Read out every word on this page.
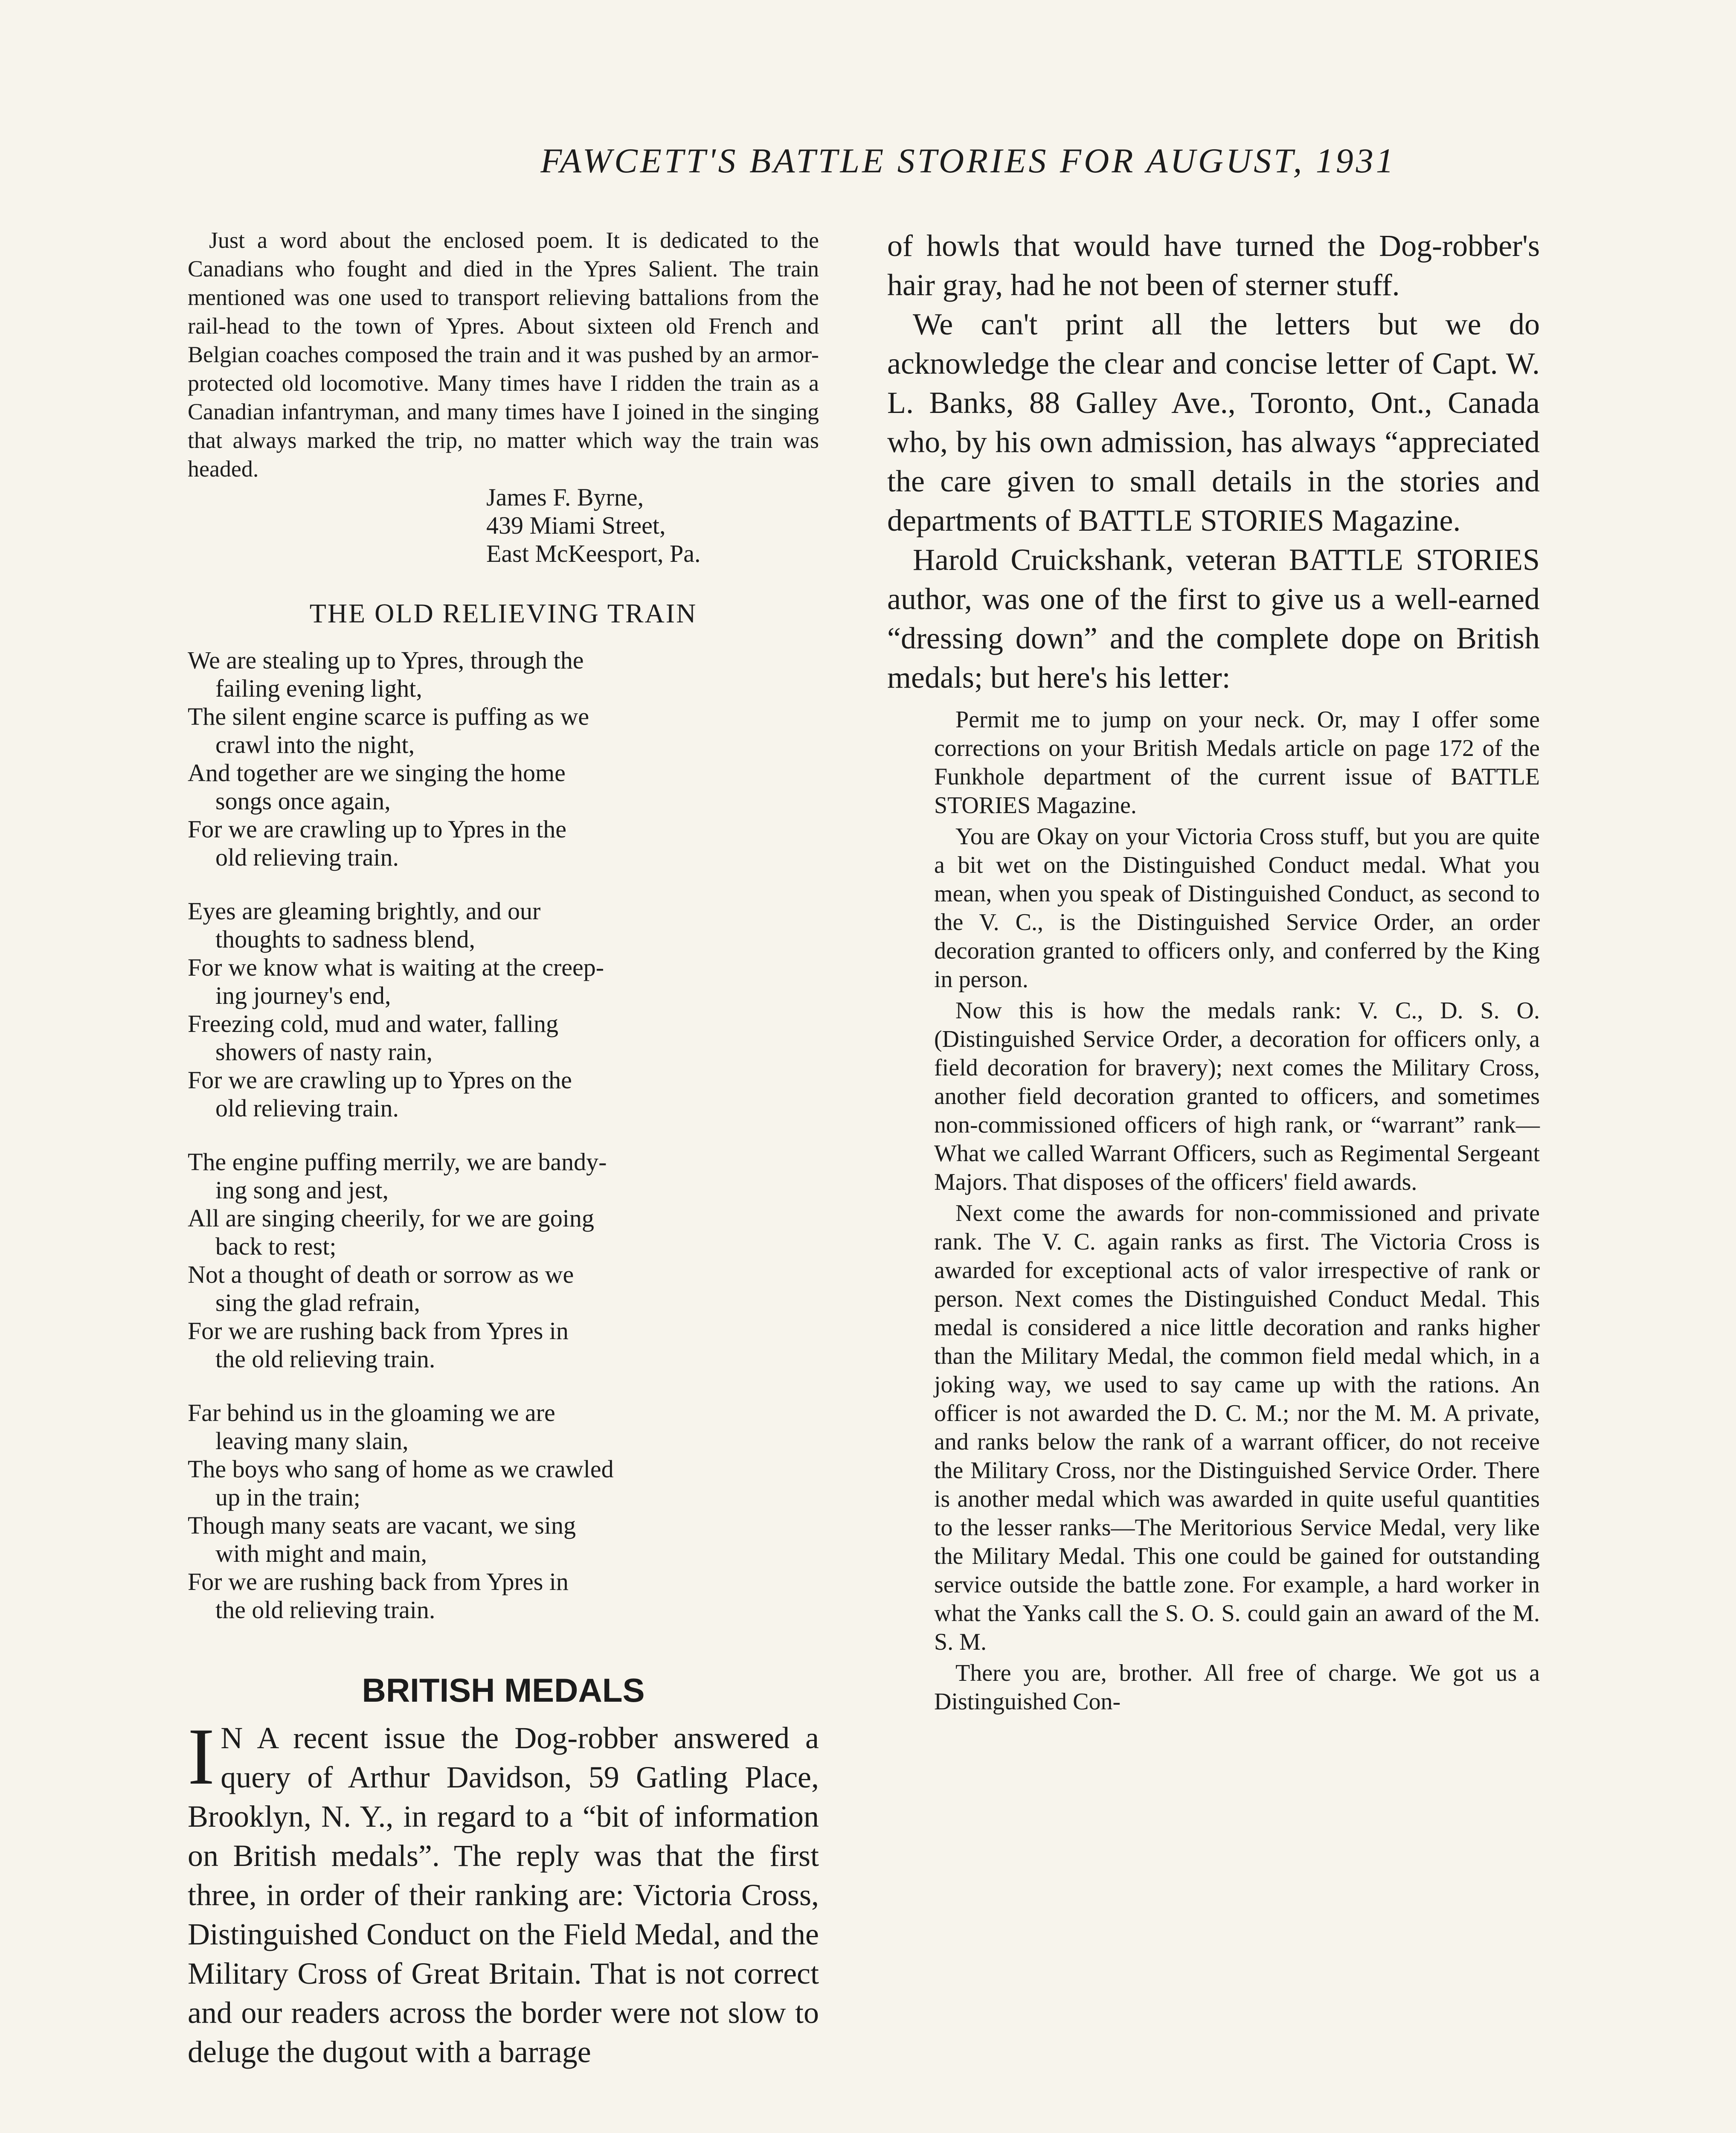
FAWCETT'S BATTLE STORIES FOR AUGUST, 1931

Just a word about the enclosed poem. It is dedicated to the Canadians who fought and died in the Ypres Salient. The train mentioned was one used to transport relieving battalions from the rail-head to the town of Ypres. About sixteen old French and Belgian coaches composed the train and it was pushed by an armor-protected old locomotive. Many times have I ridden the train as a Canadian infantryman, and many times have I joined in the singing that always marked the trip, no matter which way the train was headed.

James F. Byrne,
439 Miami Street,
East McKeesport, Pa.
THE OLD RELIEVING TRAIN
We are stealing up to Ypres, through the
failing evening light,
The silent engine scarce is puffing as we
crawl into the night,
And together are we singing the home
songs once again,
For we are crawling up to Ypres in the
old relieving train.
Eyes are gleaming brightly, and our
thoughts to sadness blend,
For we know what is waiting at the creep-
ing journey's end,
Freezing cold, mud and water, falling
showers of nasty rain,
For we are crawling up to Ypres on the
old relieving train.
The engine puffing merrily, we are bandy-
ing song and jest,
All are singing cheerily, for we are going
back to rest;
Not a thought of death or sorrow as we
sing the glad refrain,
For we are rushing back from Ypres in
the old relieving train.
Far behind us in the gloaming we are
leaving many slain,
The boys who sang of home as we crawled
up in the train;
Though many seats are vacant, we sing
with might and main,
For we are rushing back from Ypres in
the old relieving train.
BRITISH MEDALS
I N A recent issue the Dog-robber answered a query of Arthur Davidson, 59 Gatling Place, Brooklyn, N. Y., in regard to a “bit of information on British medals”. The reply was that the first three, in order of their ranking are: Victoria Cross, Distinguished Conduct on the Field Medal, and the Military Cross of Great Britain. That is not correct and our readers across the border were not slow to deluge the dugout with a barrage

of howls that would have turned the Dog-robber's hair gray, had he not been of sterner stuff.

We can't print all the letters but we do acknowledge the clear and concise letter of Capt. W. L. Banks, 88 Galley Ave., Toronto, Ont., Canada who, by his own admission, has always “appreciated the care given to small details in the stories and departments of BATTLE STORIES Magazine.

Harold Cruickshank, veteran BATTLE STORIES author, was one of the first to give us a well-earned “dressing down” and the complete dope on British medals; but here's his letter:

Permit me to jump on your neck. Or, may I offer some corrections on your British Medals article on page 172 of the Funkhole department of the current issue of BATTLE STORIES Magazine.

You are Okay on your Victoria Cross stuff, but you are quite a bit wet on the Distinguished Conduct medal. What you mean, when you speak of Distinguished Conduct, as second to the V. C., is the Distinguished Service Order, an order decoration granted to officers only, and conferred by the King in person.

Now this is how the medals rank: V. C., D. S. O. (Distinguished Service Order, a decoration for officers only, a field decoration for bravery); next comes the Military Cross, another field decoration granted to officers, and sometimes non-commissioned officers of high rank, or “warrant” rank—What we called Warrant Officers, such as Regimental Sergeant Majors. That disposes of the officers' field awards.

Next come the awards for non-commissioned and private rank. The V. C. again ranks as first. The Victoria Cross is awarded for exceptional acts of valor irrespective of rank or person. Next comes the Distinguished Conduct Medal. This medal is considered a nice little decoration and ranks higher than the Military Medal, the common field medal which, in a joking way, we used to say came up with the rations. An officer is not awarded the D. C. M.; nor the M. M. A private, and ranks below the rank of a warrant officer, do not receive the Military Cross, nor the Distinguished Service Order. There is another medal which was awarded in quite useful quantities to the lesser ranks—The Meritorious Service Medal, very like the Military Medal. This one could be gained for outstanding service outside the battle zone. For example, a hard worker in what the Yanks call the S. O. S. could gain an award of the M. S. M.

There you are, brother. All free of charge. We got us a Distinguished Con-
